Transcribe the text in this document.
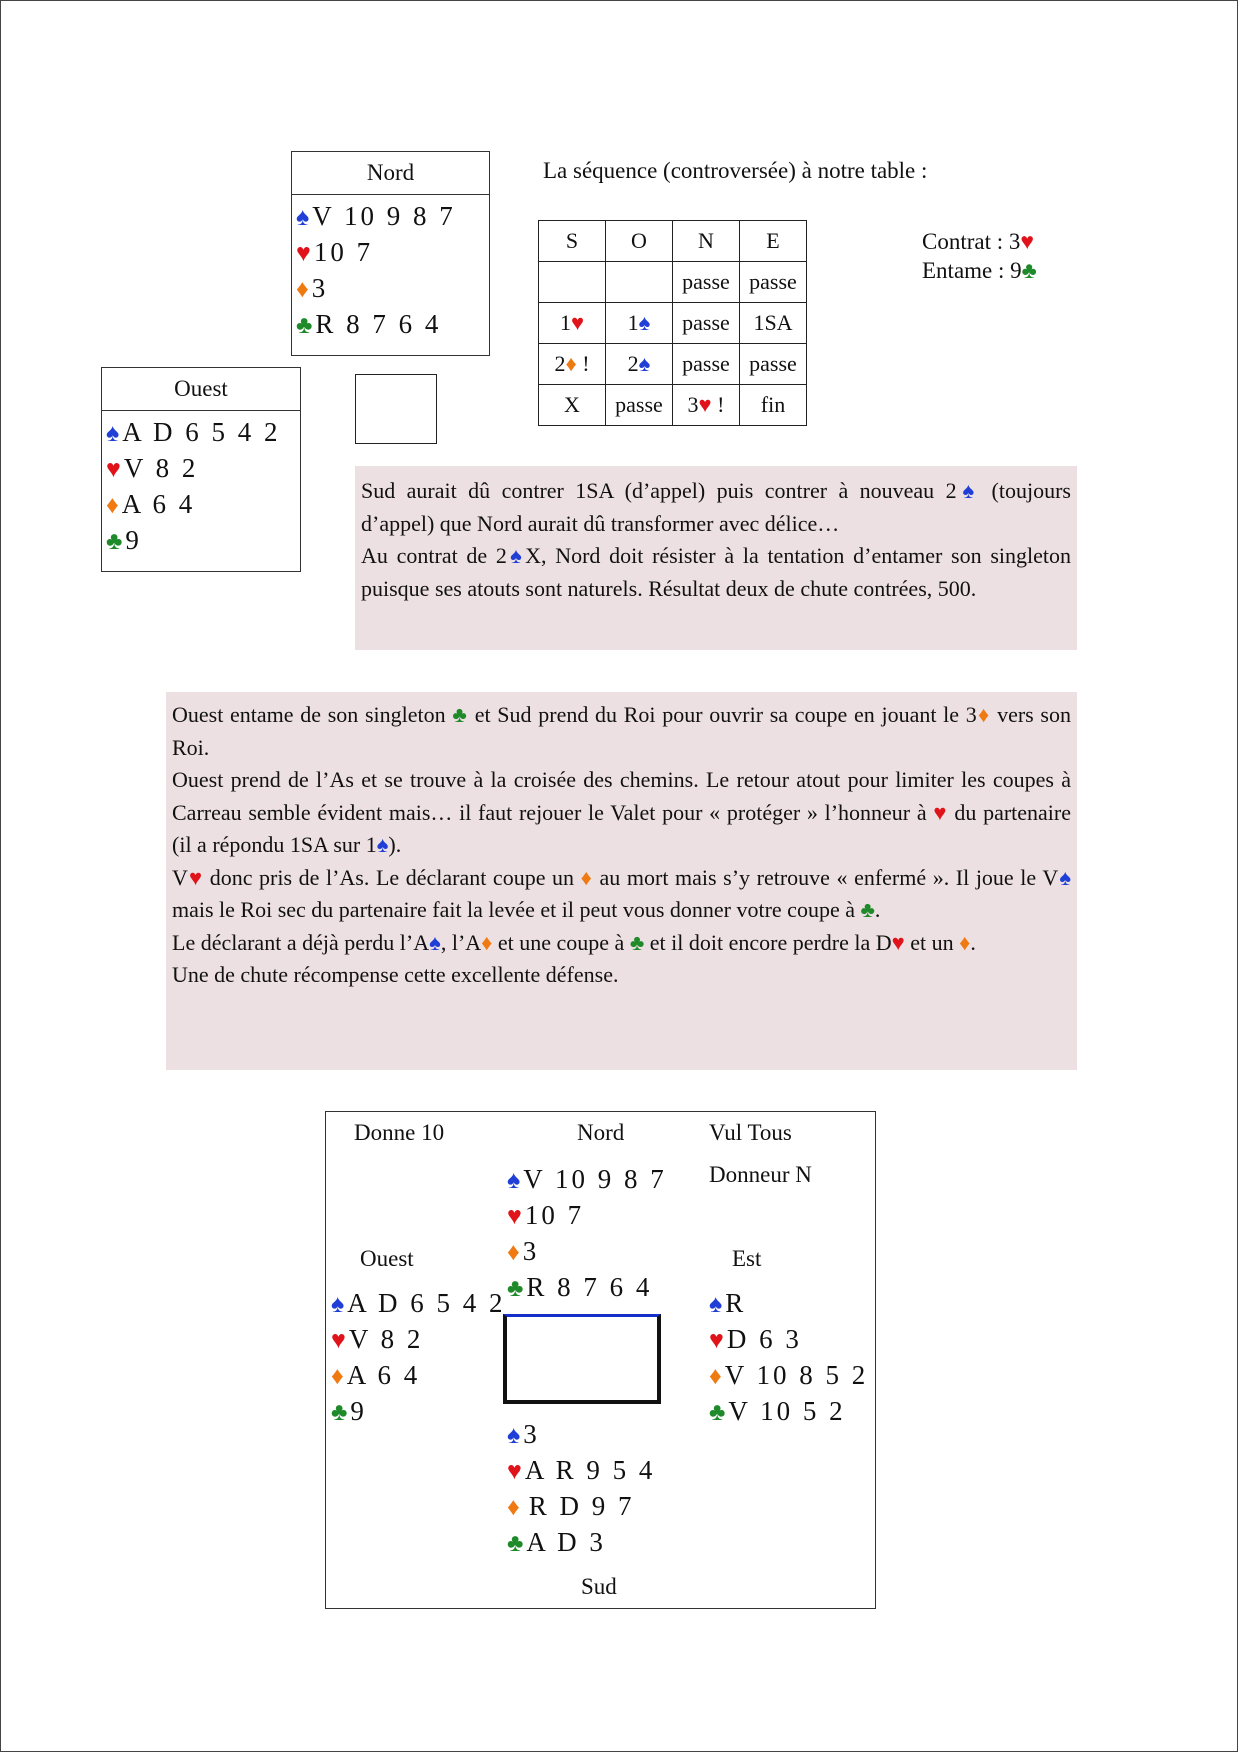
Nord
♠ V 10 9 8 7
♥ 10 7
♦ 3
♣ R 8 7 6 4
Ouest
♠ A D 6 5 4 2
♥ V 8 2
♦ A 6 4
♣ 9
La séquence (controversée) à notre table :
S	O	N	E
		passe	passe
1♥	1♠	passe	1SA
2♦ !	2♠	passe	passe
X	passe	3♥ !	fin
Contrat : 3♥
Entame : 9♣

Sud aurait dû contrer 1SA (d’appel) puis contrer à nouveau 2♠ (toujours d’appel) que Nord aurait dû transformer avec délice…

Au contrat de 2♠X, Nord doit résister à la tentation d’entamer son singleton puisque ses atouts sont naturels. Résultat deux de chute contrées, 500.

Ouest entame de son singleton ♣ et Sud prend du Roi pour ouvrir sa coupe en jouant le 3♦ vers son Roi.

Ouest prend de l’As et se trouve à la croisée des chemins. Le retour atout pour limiter les coupes à Carreau semble évident mais… il faut rejouer le Valet pour « protéger » l’honneur à ♥ du partenaire (il a répondu 1SA sur 1♠).

V♥ donc pris de l’As. Le déclarant coupe un ♦ au mort mais s’y retrouve « enfermé ». Il joue le V♠ mais le Roi sec du partenaire fait la levée et il peut vous donner votre coupe à ♣.

Le déclarant a déjà perdu l’A♠, l’A♦ et une coupe à ♣ et il doit encore perdre la D♥ et un ♦.

Une de chute récompense cette excellente défense.

Donne 10	Nord	Vul Tous
Donneur N
Ouest	Est
Sud
♠ V 10 9 8 7
♥ 10 7
♦ 3
♣ R 8 7 6 4
♠ A D 6 5 4 2
♥ V 8 2
♦ A 6 4
♣ 9
♠ R
♥ D 6 3
♦ V 10 8 5 2
♣ V 10 5 2
♠ 3
♥ A R 9 5 4
♦ R D 9 7
♣ A D 3
